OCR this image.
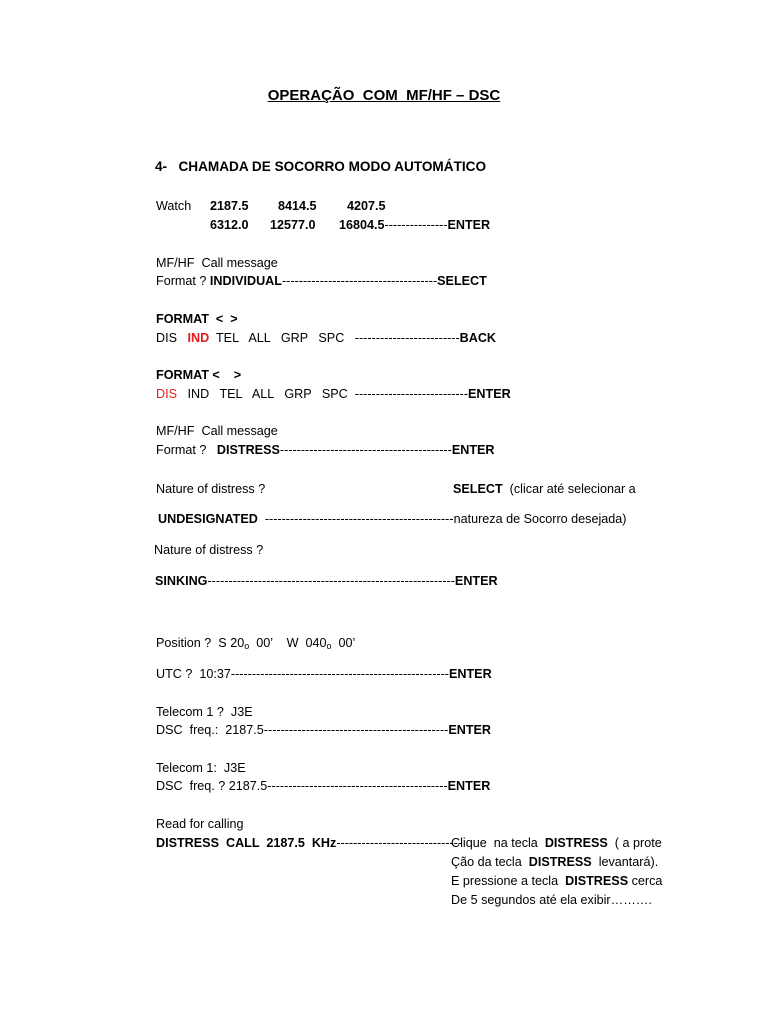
OPERAÇÃO  COM  MF/HF – DSC
4- CHAMADA DE SOCORRO MODO AUTOMÁTICO
Watch 2187.5 8414.5 4207.5
6312.0 12577.0 16804.5---------------ENTER
MF/HF  Call message
Format ? INDIVIDUAL-------------------------------------SELECT
FORMAT  <  >
DIS IND  TEL   ALL   GRP   SPC   -------------------------BACK
FORMAT <    >
DIS   IND   TEL   ALL   GRP   SPC  ---------------------------ENTER
MF/HF  Call message
Format ?   DISTRESS-----------------------------------------ENTER
Nature of distress ?	SELECT  (clicar até selecionar a
UNDESIGNATED  ---------------------------------------------natureza de Socorro desejada)
Nature of distress ?
SINKING-----------------------------------------------------------ENTER
Position ?  S 20o  00’    W  040o  00’
UTC ?  10:37----------------------------------------------------ENTER
Telecom 1 ?  J3E
DSC  freq.:  2187.5--------------------------------------------ENTER
Telecom 1:  J3E
DSC  freq. ? 2187.5-------------------------------------------ENTER
Read for calling
DISTRESS  CALL  2187.5  KHz------------------------------
Clique  na tecla  DISTRESS  ( a prote
Ção da tecla  DISTRESS  levantará).
E pressione a tecla  DISTRESS cerca
De 5 segundos até ela exibir……….
